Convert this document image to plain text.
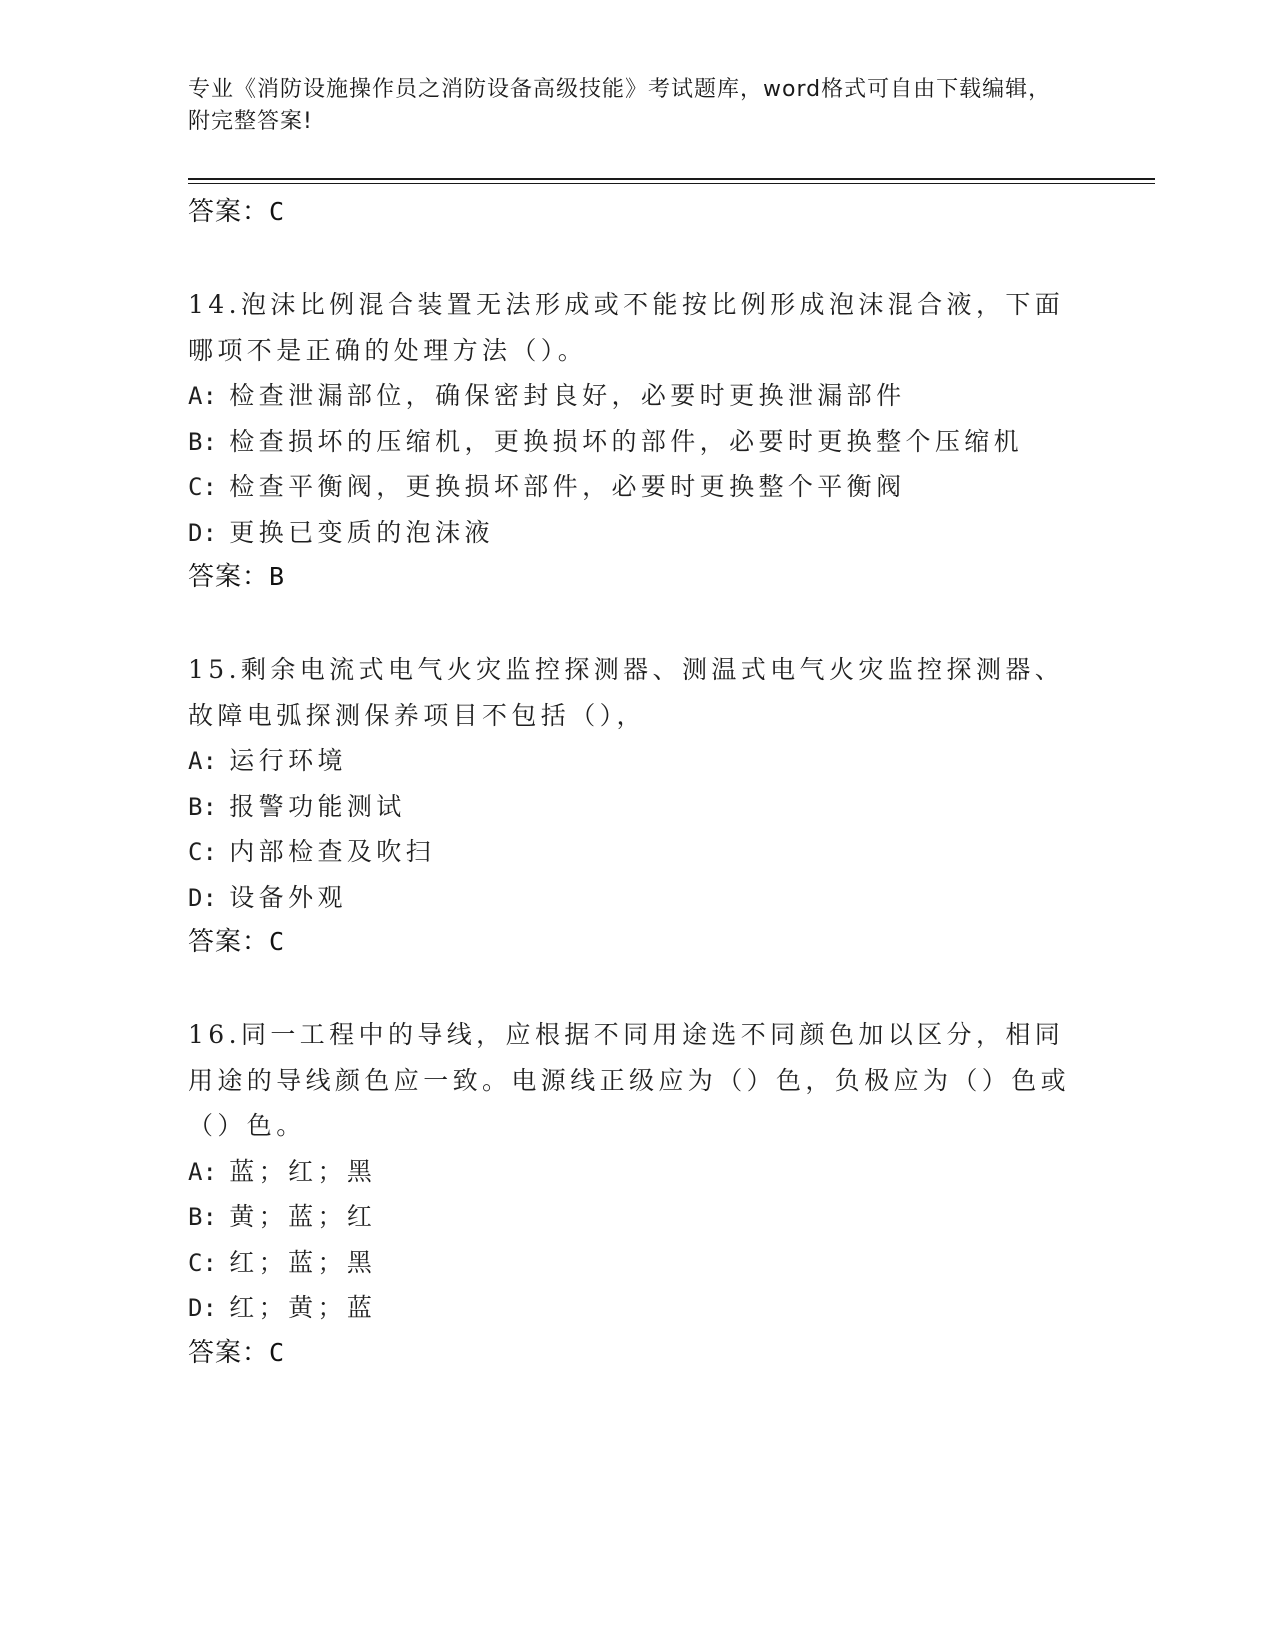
专业《消防设施操作员之消防设备高级技能》考试题库，word格式可自由下载编辑，附完整答案!
答案：C
14.泡沫比例混合装置无法形成或不能按比例形成泡沫混合液，下面哪项不是正确的处理方法（）。
A: 检查泄漏部位，确保密封良好，必要时更换泄漏部件
B: 检查损坏的压缩机，更换损坏的部件，必要时更换整个压缩机
C: 检查平衡阀，更换损坏部件，必要时更换整个平衡阀
D: 更换已变质的泡沫液
答案：B
15.剩余电流式电气火灾监控探测器、测温式电气火灾监控探测器、故障电弧探测保养项目不包括（），
A: 运行环境
B: 报警功能测试
C: 内部检查及吹扫
D: 设备外观
答案：C
16.同一工程中的导线，应根据不同用途选不同颜色加以区分，相同用途的导线颜色应一致。电源线正级应为（）色，负极应为（）色或（）色。
A: 蓝；红；黑
B: 黄；蓝；红
C: 红；蓝；黑
D: 红；黄；蓝
答案：C
